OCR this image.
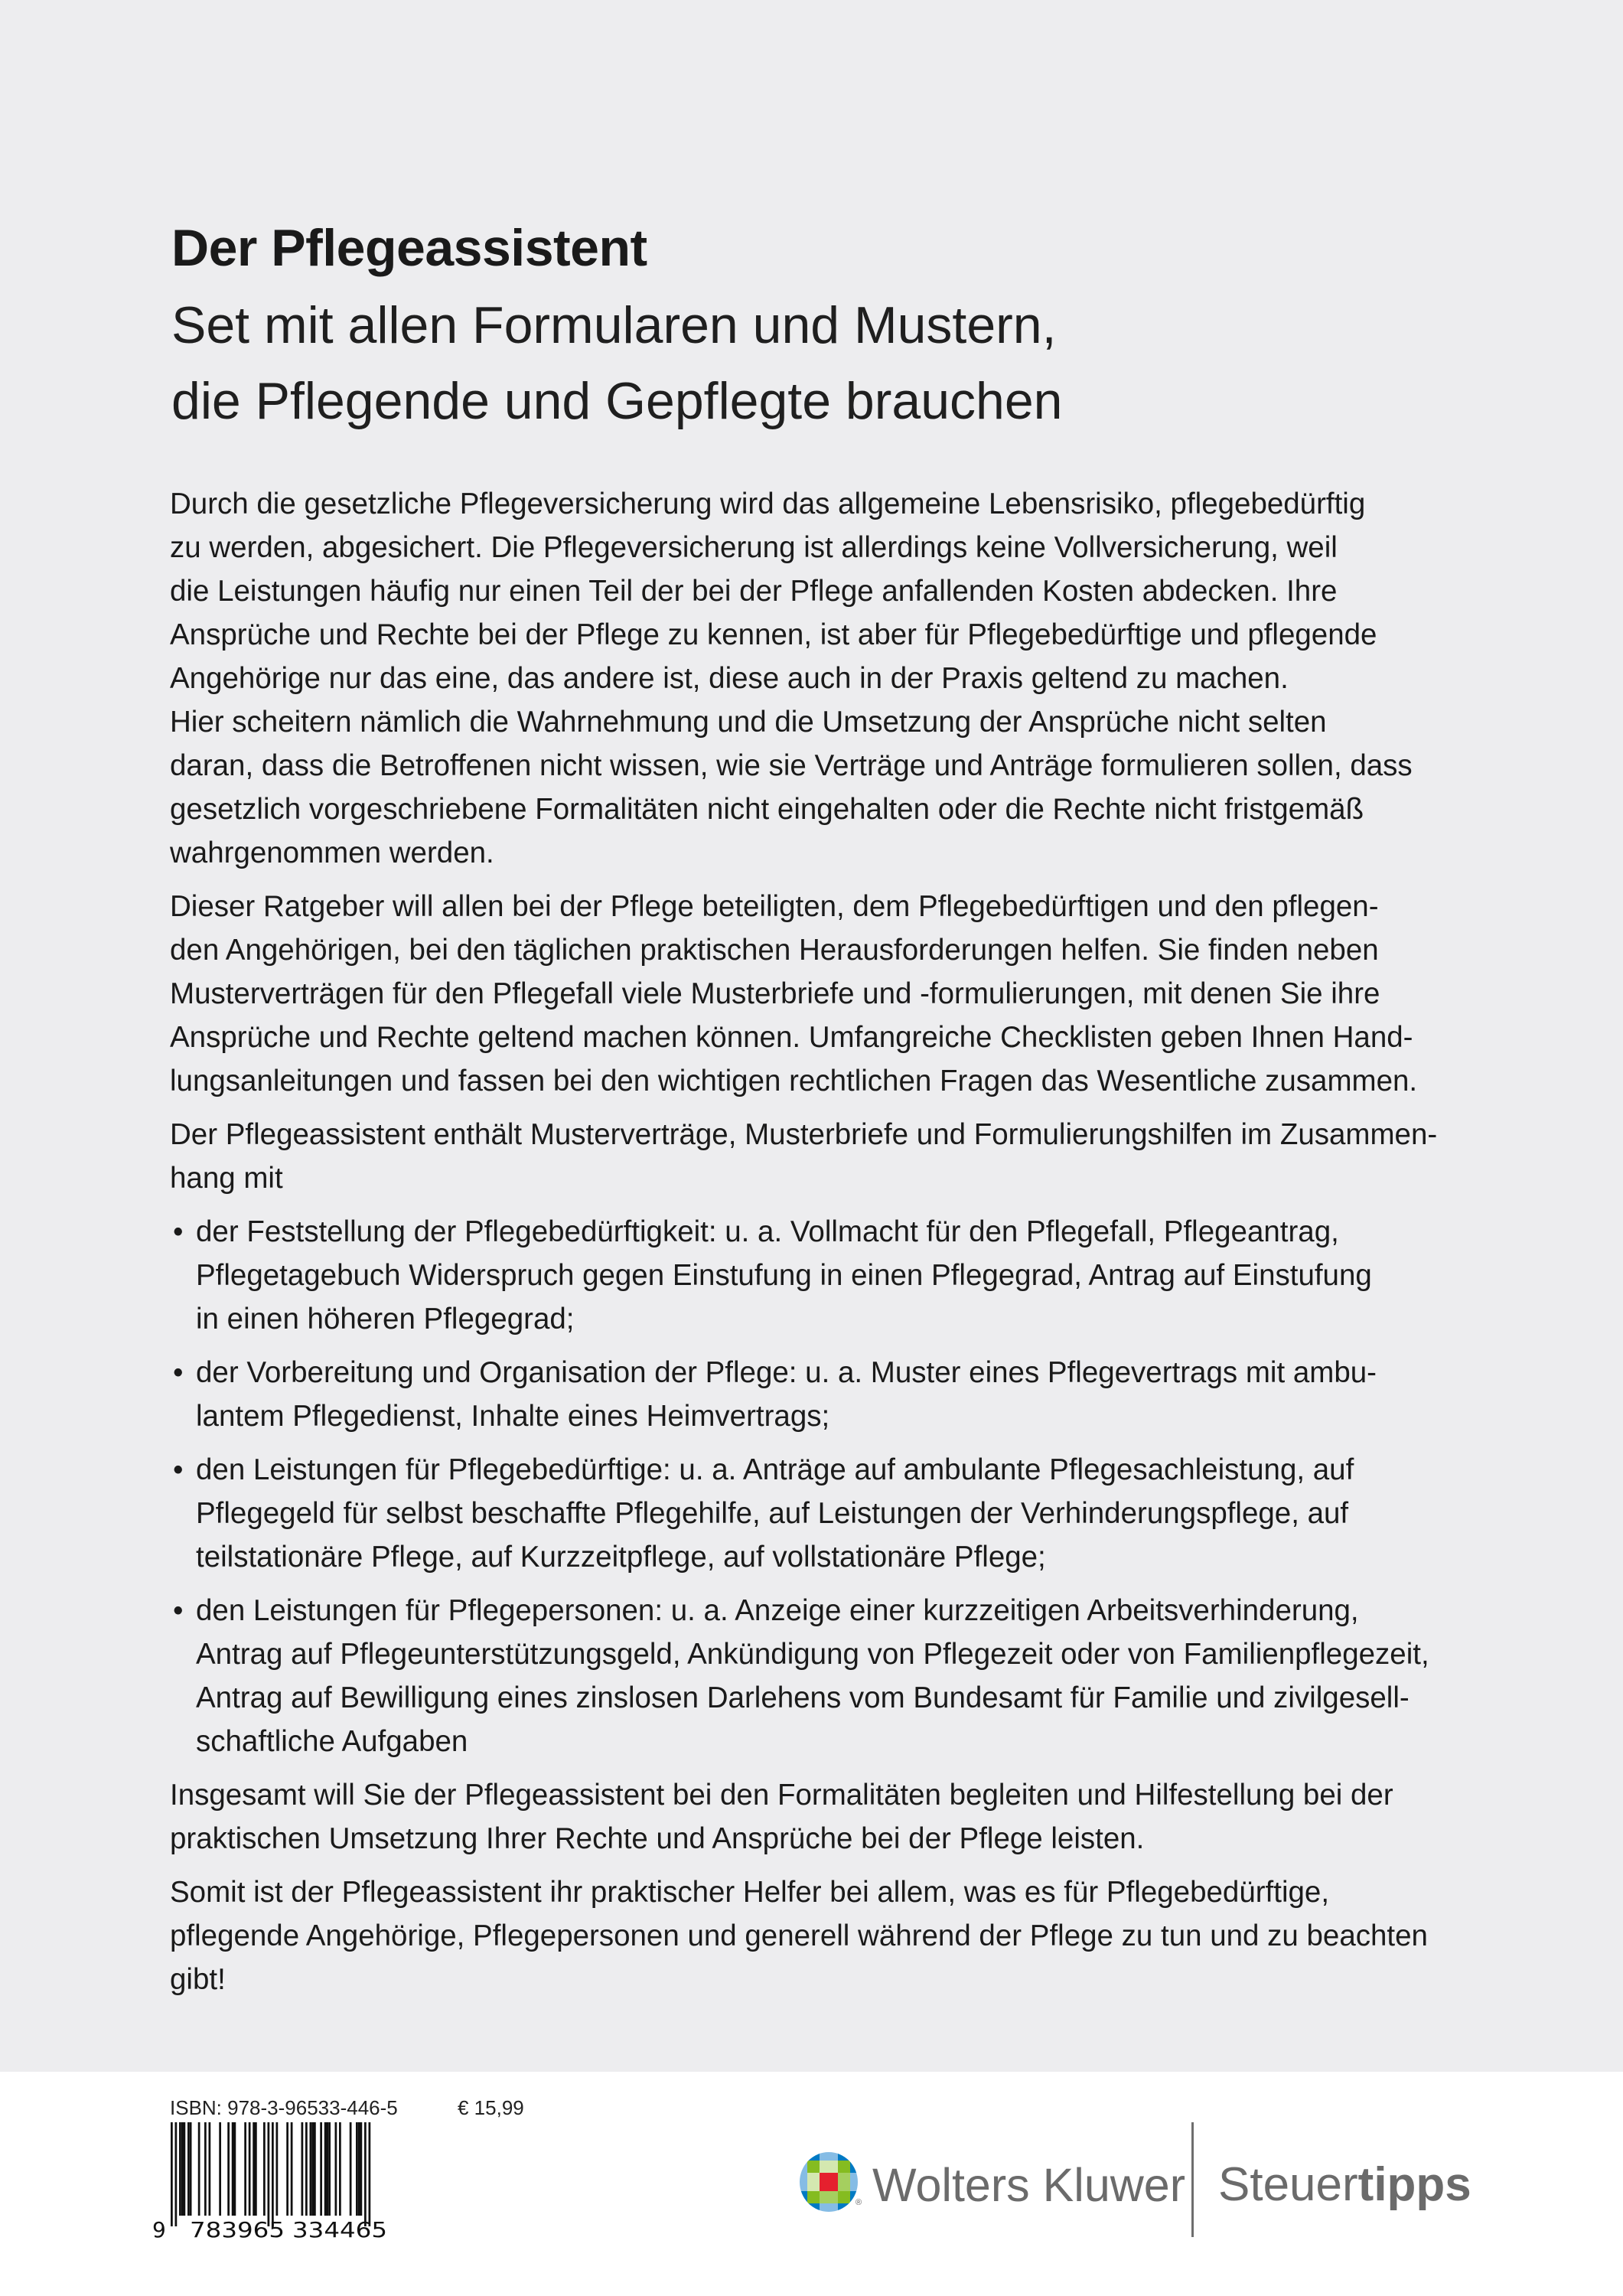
Der Pflegeassistent
Set mit allen Formularen und Mustern,
die Pflegende und Gepflegte brauchen
Durch die gesetzliche Pflegeversicherung wird das allgemeine Lebensrisiko, pflegebedürftig
zu werden, abgesichert. Die Pflegeversicherung ist allerdings keine Vollversicherung, weil
die Leistungen häufig nur einen Teil der bei der Pflege anfallenden Kosten abdecken. Ihre
Ansprüche und Rechte bei der Pflege zu kennen, ist aber für Pflegebedürftige und pflegende
Angehörige nur das eine, das andere ist, diese auch in der Praxis geltend zu machen.
Hier scheitern nämlich die Wahrnehmung und die Umsetzung der Ansprüche nicht selten
daran, dass die Betroffenen nicht wissen, wie sie Verträge und Anträge formulieren sollen, dass
gesetzlich vorgeschriebene Formalitäten nicht eingehalten oder die Rechte nicht fristgemäß
wahrgenommen werden.
Dieser Ratgeber will allen bei der Pflege beteiligten, dem Pflegebedürftigen und den pflegen-
den Angehörigen, bei den täglichen praktischen Herausforderungen helfen. Sie finden neben
Musterverträgen für den Pflegefall viele Musterbriefe und -formulierungen, mit denen Sie ihre
Ansprüche und Rechte geltend machen können. Umfangreiche Checklisten geben Ihnen Hand-
lungsanleitungen und fassen bei den wichtigen rechtlichen Fragen das Wesentliche zusammen.
Der Pflegeassistent enthält Musterverträge, Musterbriefe und Formulierungshilfen im Zusammen-
hang mit
• der Feststellung der Pflegebedürftigkeit: u. a. Vollmacht für den Pflegefall, Pflegeantrag,
Pflegetagebuch Widerspruch gegen Einstufung in einen Pflegegrad, Antrag auf Einstufung
in einen höheren Pflegegrad;
• der Vorbereitung und Organisation der Pflege: u. a. Muster eines Pflegevertrags mit ambu-
lantem Pflegedienst, Inhalte eines Heimvertrags;
• den Leistungen für Pflegebedürftige: u. a. Anträge auf ambulante Pflegesachleistung, auf
Pflegegeld für selbst beschaffte Pflegehilfe, auf Leistungen der Verhinderungspflege, auf
teilstationäre Pflege, auf Kurzzeitpflege, auf vollstationäre Pflege;
• den Leistungen für Pflegepersonen: u. a. Anzeige einer kurzzeitigen Arbeitsverhinderung,
Antrag auf Pflegeunterstützungsgeld, Ankündigung von Pflegezeit oder von Familienpflegezeit,
Antrag auf Bewilligung eines zinslosen Darlehens vom Bundesamt für Familie und zivilgesell-
schaftliche Aufgaben
Insgesamt will Sie der Pflegeassistent bei den Formalitäten begleiten und Hilfestellung bei der
praktischen Umsetzung Ihrer Rechte und Ansprüche bei der Pflege leisten.
Somit ist der Pflegeassistent ihr praktischer Helfer bei allem, was es für Pflegebedürftige,
pflegende Angehörige, Pflegepersonen und generell während der Pflege zu tun und zu beachten
gibt!
ISBN: 978-3-96533-446-5	€ 15,99
9 783965 334465
® Wolters Kluwer Steuertipps
